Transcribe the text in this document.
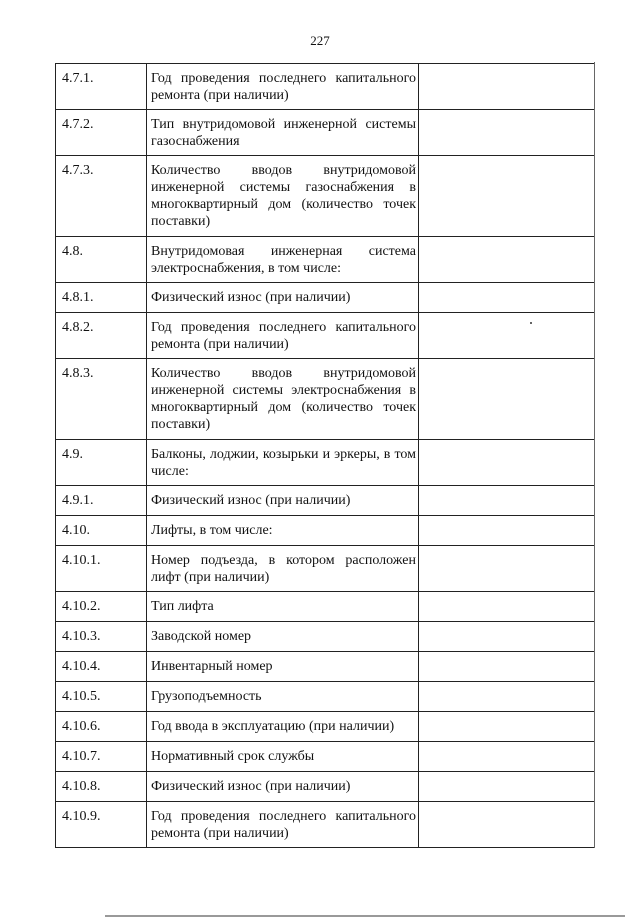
227
4.7.1.	Год проведения последнего капитального ремонта (при наличии)	
4.7.2.	Тип внутридомовой инженерной системы газоснабжения	
4.7.3.	Количество вводов внутридомовой инженерной системы газоснабжения в многоквартирный дом (количество точек поставки)	
4.8.	Внутридомовая инженерная система электроснабжения, в том числе:	
4.8.1.	Физический износ (при наличии)	
4.8.2.	Год проведения последнего капитального ремонта (при наличии)	
4.8.3.	Количество вводов внутридомовой инженерной системы электроснабжения в многоквартирный дом (количество точек поставки)	
4.9.	Балконы, лоджии, козырьки и эркеры, в том числе:	
4.9.1.	Физический износ (при наличии)	
4.10.	Лифты, в том числе:	
4.10.1.	Номер подъезда, в котором расположен лифт (при наличии)	
4.10.2.	Тип лифта	
4.10.3.	Заводской номер	
4.10.4.	Инвентарный номер	
4.10.5.	Грузоподъемность	
4.10.6.	Год ввода в эксплуатацию (при наличии)	
4.10.7.	Нормативный срок службы	
4.10.8.	Физический износ (при наличии)	
4.10.9.	Год проведения последнего капитального ремонта (при наличии)	
